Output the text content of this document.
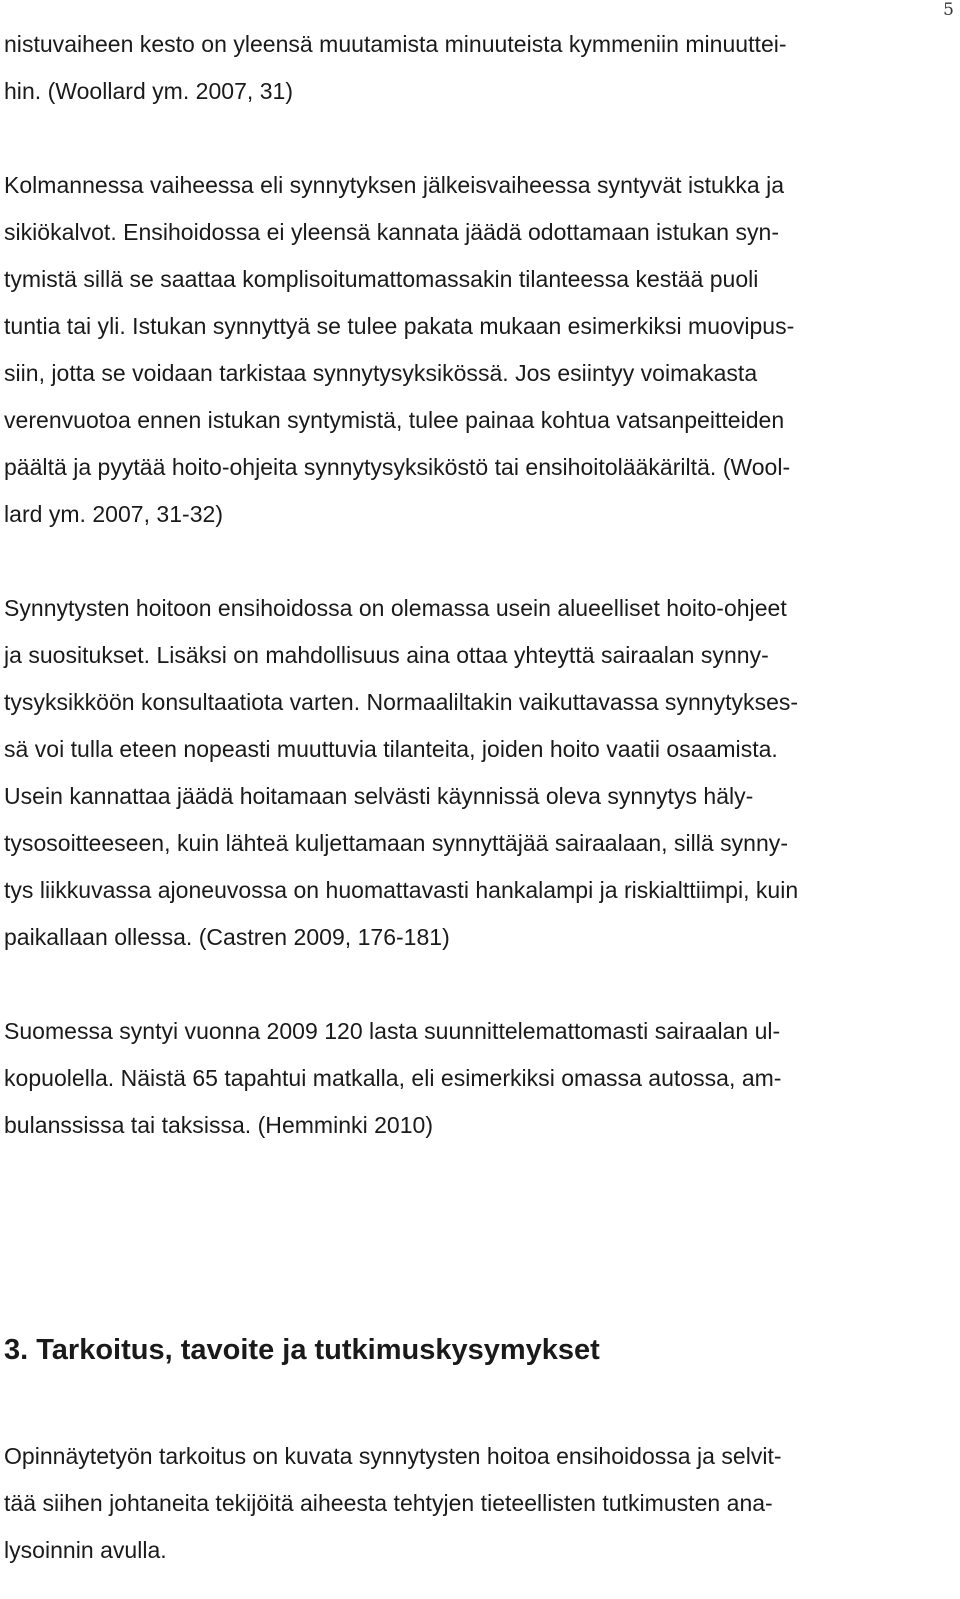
5
nistuvaiheen kesto on yleensä muutamista minuuteista kymmeniin minuuttei-
hin. (Woollard ym. 2007, 31)
Kolmannessa vaiheessa eli synnytyksen jälkeisvaiheessa syntyvät istukka ja
sikiökalvot. Ensihoidossa ei yleensä kannata jäädä odottamaan istukan syn-
tymistä sillä se saattaa komplisoitumattomassakin tilanteessa kestää puoli
tuntia tai yli. Istukan synnyttyä se tulee pakata mukaan esimerkiksi muovipus-
siin, jotta se voidaan tarkistaa synnytysyksikössä. Jos esiintyy voimakasta
verenvuotoa ennen istukan syntymistä, tulee painaa kohtua vatsanpeitteiden
päältä ja pyytää hoito-ohjeita synnytysyksiköstö tai ensihoitolääkäriltä. (Wool-
lard ym. 2007, 31-32)
Synnytysten hoitoon ensihoidossa on olemassa usein alueelliset hoito-ohjeet
ja suositukset. Lisäksi on mahdollisuus aina ottaa yhteyttä sairaalan synny-
tysyksikköön konsultaatiota varten. Normaaliltakin vaikuttavassa synnytykses-
sä voi tulla eteen nopeasti muuttuvia tilanteita, joiden hoito vaatii osaamista.
Usein kannattaa jäädä hoitamaan selvästi käynnissä oleva synnytys häly-
tysosoitteeseen, kuin lähteä kuljettamaan synnyttäjää sairaalaan, sillä synny-
tys liikkuvassa ajoneuvossa on huomattavasti hankalampi ja riskialttiimpi, kuin
paikallaan ollessa. (Castren 2009, 176-181)
Suomessa syntyi vuonna 2009 120 lasta suunnittelemattomasti sairaalan ul-
kopuolella. Näistä 65 tapahtui matkalla, eli esimerkiksi omassa autossa, am-
bulanssissa tai taksissa. (Hemminki 2010)
3. Tarkoitus, tavoite ja tutkimuskysymykset
Opinnäytetyön tarkoitus on kuvata synnytysten hoitoa ensihoidossa ja selvit-
tää siihen johtaneita tekijöitä aiheesta tehtyjen tieteellisten tutkimusten ana-
lysoinnin avulla.
